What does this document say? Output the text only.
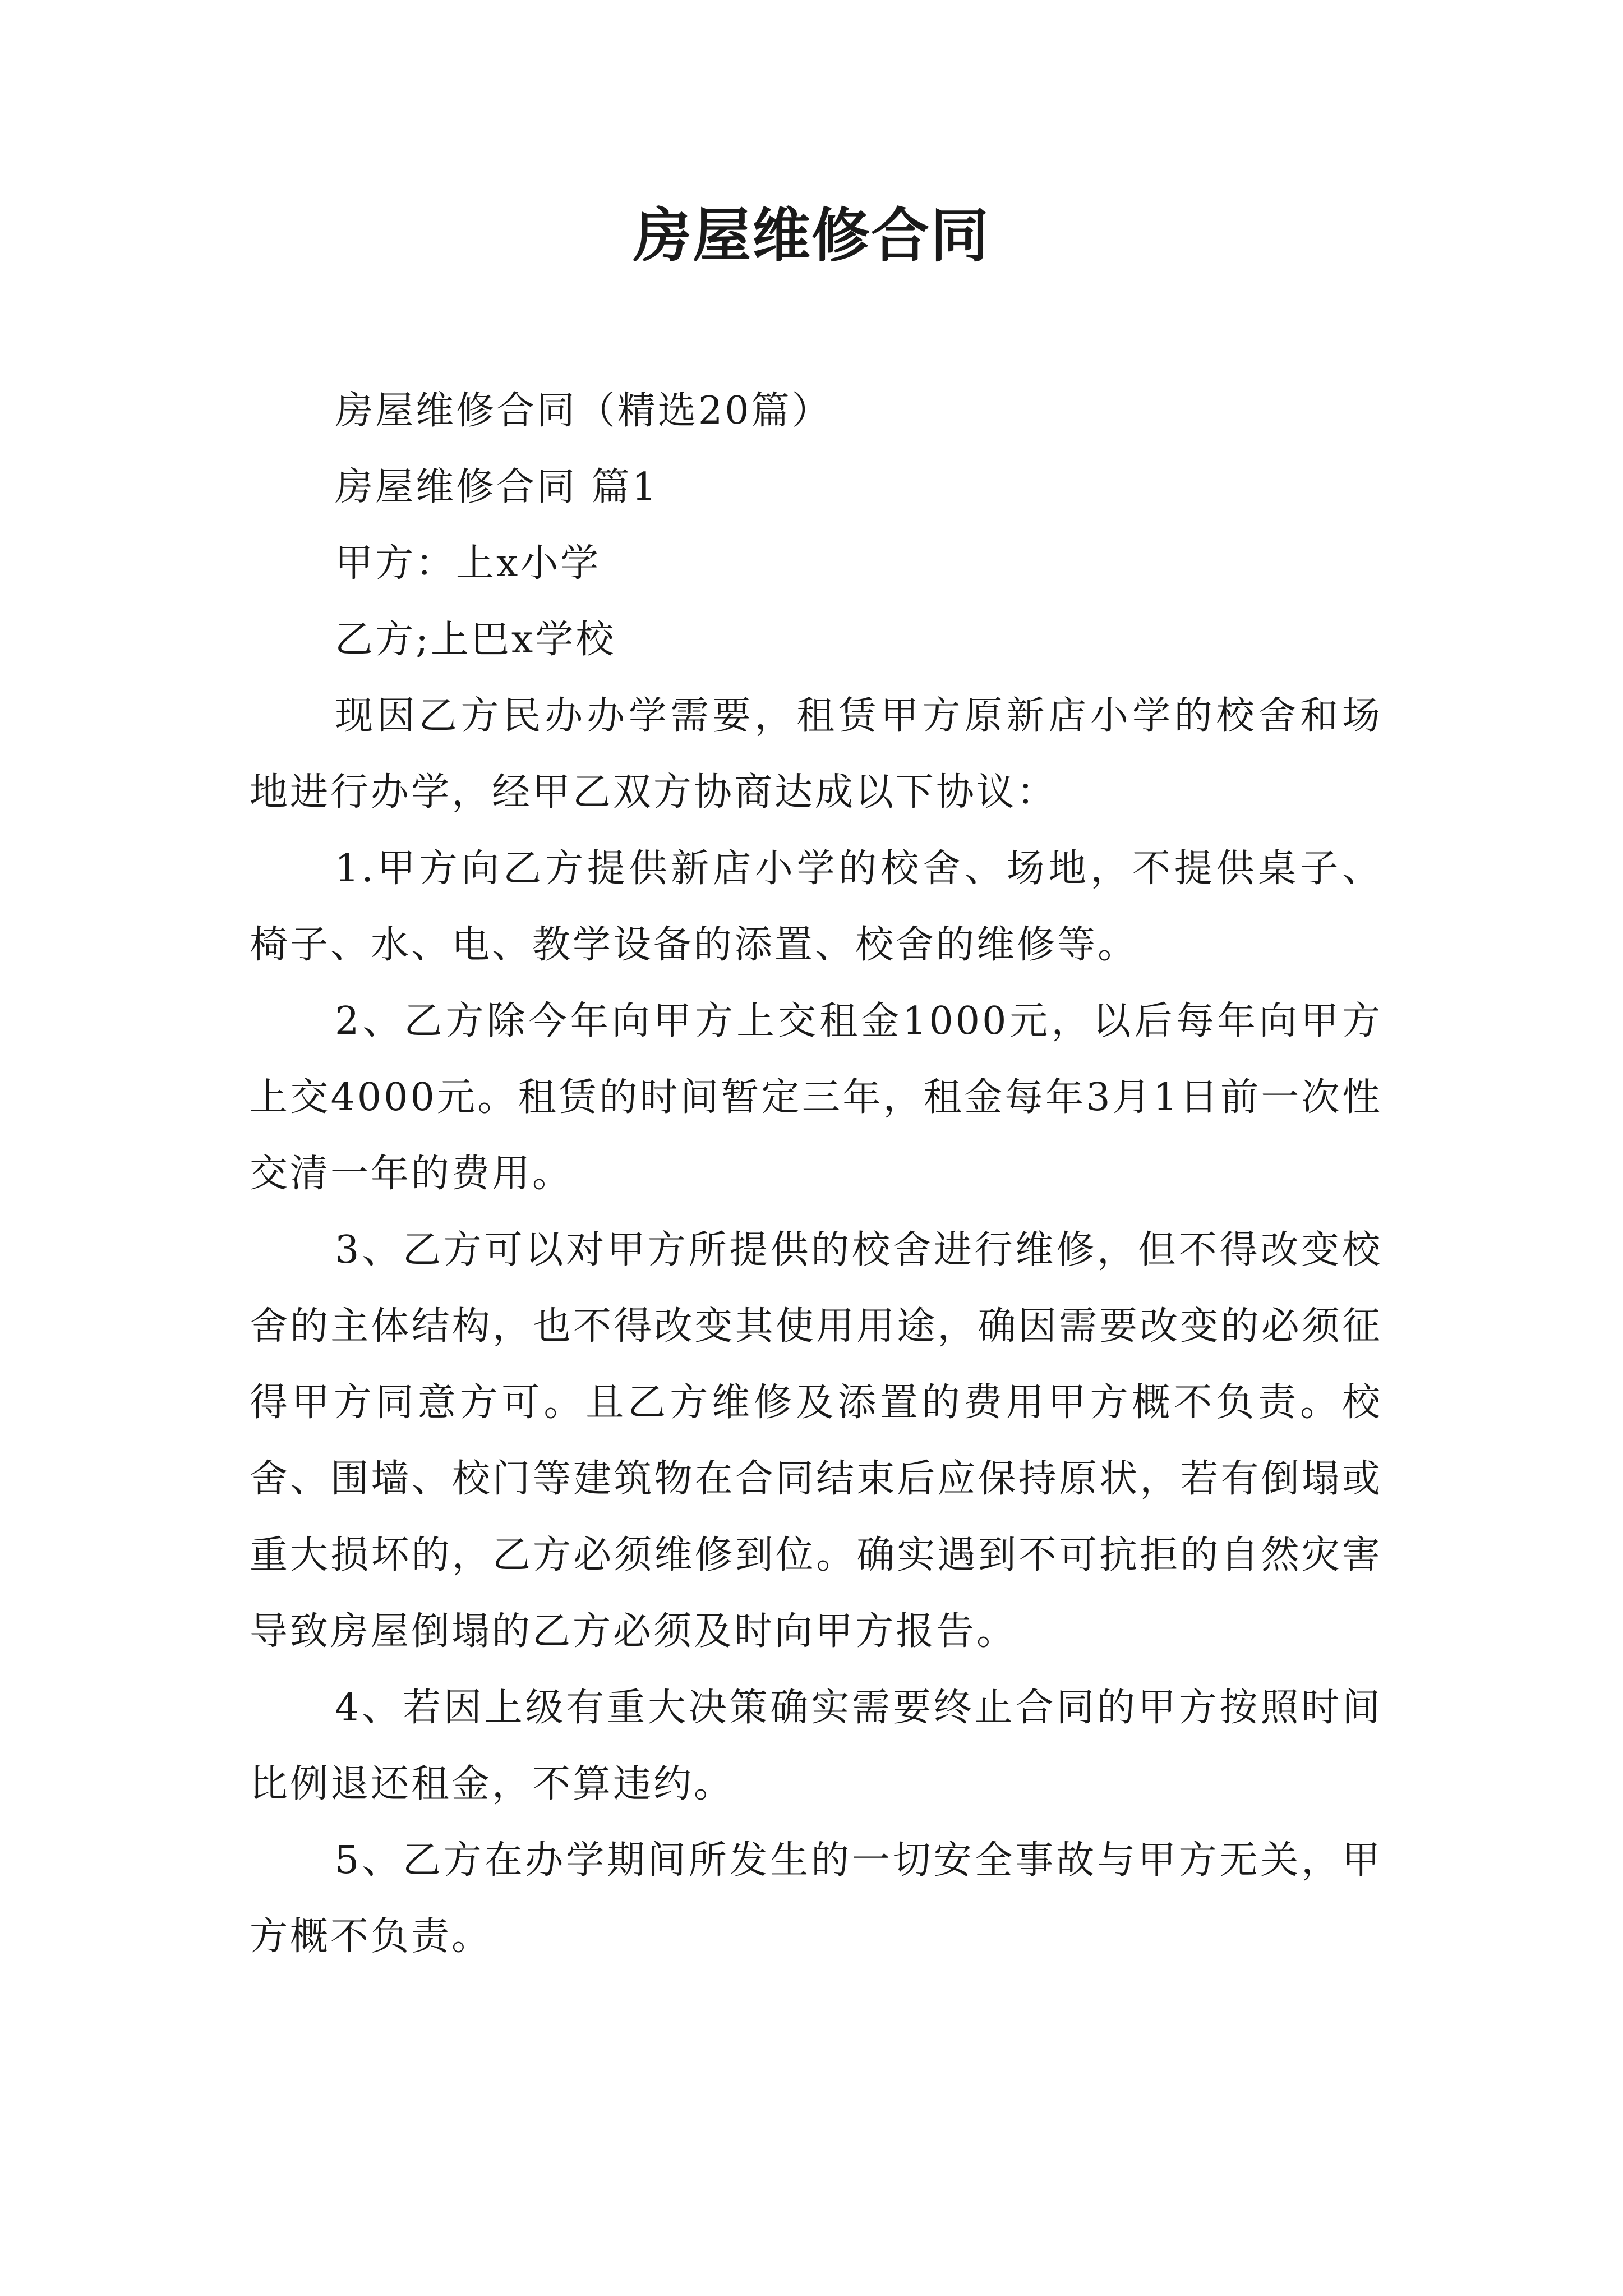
房屋维修合同

房屋维修合同（精选20篇）

房屋维修合同 篇1

甲方：上x小学

乙方;上巴x学校

现因乙方民办办学需要，租赁甲方原新店小学的校舍和场地进行办学，经甲乙双方协商达成以下协议：

1.甲方向乙方提供新店小学的校舍、场地，不提供桌子、椅子、水、电、教学设备的添置、校舍的维修等。

2、乙方除今年向甲方上交租金1000元，以后每年向甲方上交4000元。租赁的时间暂定三年，租金每年3月1日前一次性交清一年的费用。

3、乙方可以对甲方所提供的校舍进行维修，但不得改变校舍的主体结构，也不得改变其使用用途，确因需要改变的必须征得甲方同意方可。且乙方维修及添置的费用甲方概不负责。校舍、围墙、校门等建筑物在合同结束后应保持原状，若有倒塌或重大损坏的，乙方必须维修到位。确实遇到不可抗拒的自然灾害导致房屋倒塌的乙方必须及时向甲方报告。

4、若因上级有重大决策确实需要终止合同的甲方按照时间比例退还租金，不算违约。

5、乙方在办学期间所发生的一切安全事故与甲方无关，甲方概不负责。
